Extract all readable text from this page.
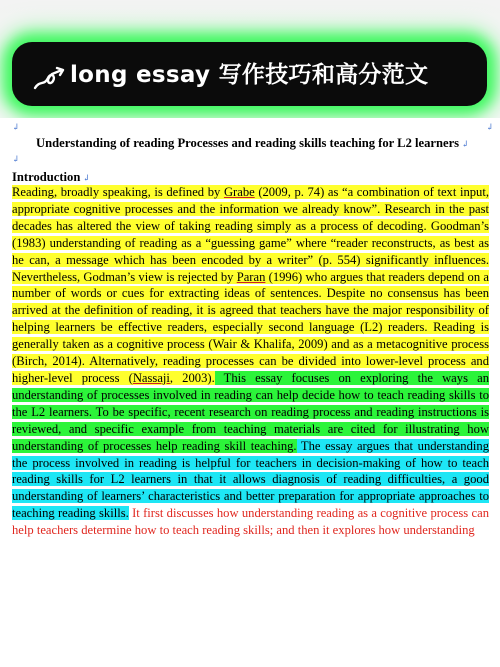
long essay 写作技巧和高分范文
↲	↲
↲
Understanding of reading Processes and reading skills teaching for L2 learners ↲
Introduction ↲
Reading, broadly speaking, is defined by Grabe (2009, p. 74) as “a combination of text input, appropriate cognitive processes and the information we already know”. Research in the past decades has altered the view of taking reading simply as a process of decoding. Goodman’s (1983) understanding of reading as a “guessing game” where “reader reconstructs, as best as he can, a message which has been encoded by a writer” (p. 554) significantly influences. Nevertheless, Godman’s view is rejected by Paran (1996) who argues that readers depend on a number of words or cues for extracting ideas of sentences. Despite no consensus has been arrived at the definition of reading, it is agreed that teachers have the major responsibility of helping learners be effective readers, especially second language (L2) readers. Reading is generally taken as a cognitive process (Wair & Khalifa, 2009) and as a metacognitive process (Birch, 2014). Alternatively, reading processes can be divided into lower-level process and higher-level process (Nassaji, 2003). This essay focuses on exploring the ways an understanding of processes involved in reading can help decide how to teach reading skills to the L2 learners. To be specific, recent research on reading process and reading instructions is reviewed, and specific example from teaching materials are cited for illustrating how understanding of processes help reading skill teaching. The essay argues that understanding the process involved in reading is helpful for teachers in decision-making of how to teach reading skills for L2 learners in that it allows diagnosis of reading difficulties, a good understanding of learners’ characteristics and better preparation for appropriate approaches to teaching reading skills. It first discusses how understanding reading as a cognitive process can help teachers determine how to teach reading skills; and then it explores how understanding
